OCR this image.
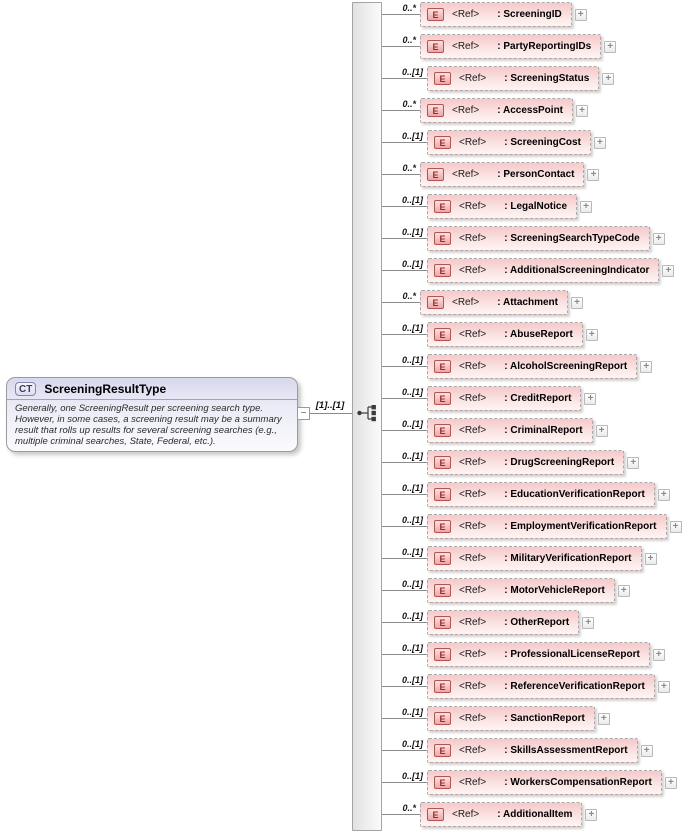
CT	ScreeningResultType
Generally, one ScreeningResult per screening search type. However, in some cases, a screening result may be a summary result that rolls up results for several screening searches (e.g., multiple criminal searches, State, Federal, etc.).
−
[1]..[1]
0..*
E	<Ref> : ScreeningID	+
0..*
E	<Ref> : PartyReportingIDs	+
0..[1]
E	<Ref> : ScreeningStatus	+
0..*
E	<Ref> : AccessPoint	+
0..[1]
E	<Ref> : ScreeningCost	+
0..*
E	<Ref> : PersonContact	+
0..[1]
E	<Ref> : LegalNotice	+
0..[1]
E	<Ref> : ScreeningSearchTypeCode	+
0..[1]
E	<Ref> : AdditionalScreeningIndicator	+
0..*
E	<Ref> : Attachment	+
0..[1]
E	<Ref> : AbuseReport	+
0..[1]
E	<Ref> : AlcoholScreeningReport	+
0..[1]
E	<Ref> : CreditReport	+
0..[1]
E	<Ref> : CriminalReport	+
0..[1]
E	<Ref> : DrugScreeningReport	+
0..[1]
E	<Ref> : EducationVerificationReport	+
0..[1]
E	<Ref> : EmploymentVerificationReport	+
0..[1]
E	<Ref> : MilitaryVerificationReport	+
0..[1]
E	<Ref> : MotorVehicleReport	+
0..[1]
E	<Ref> : OtherReport	+
0..[1]
E	<Ref> : ProfessionalLicenseReport	+
0..[1]
E	<Ref> : ReferenceVerificationReport	+
0..[1]
E	<Ref> : SanctionReport	+
0..[1]
E	<Ref> : SkillsAssessmentReport	+
0..[1]
E	<Ref> : WorkersCompensationReport	+
0..*
E	<Ref> : AdditionalItem	+
